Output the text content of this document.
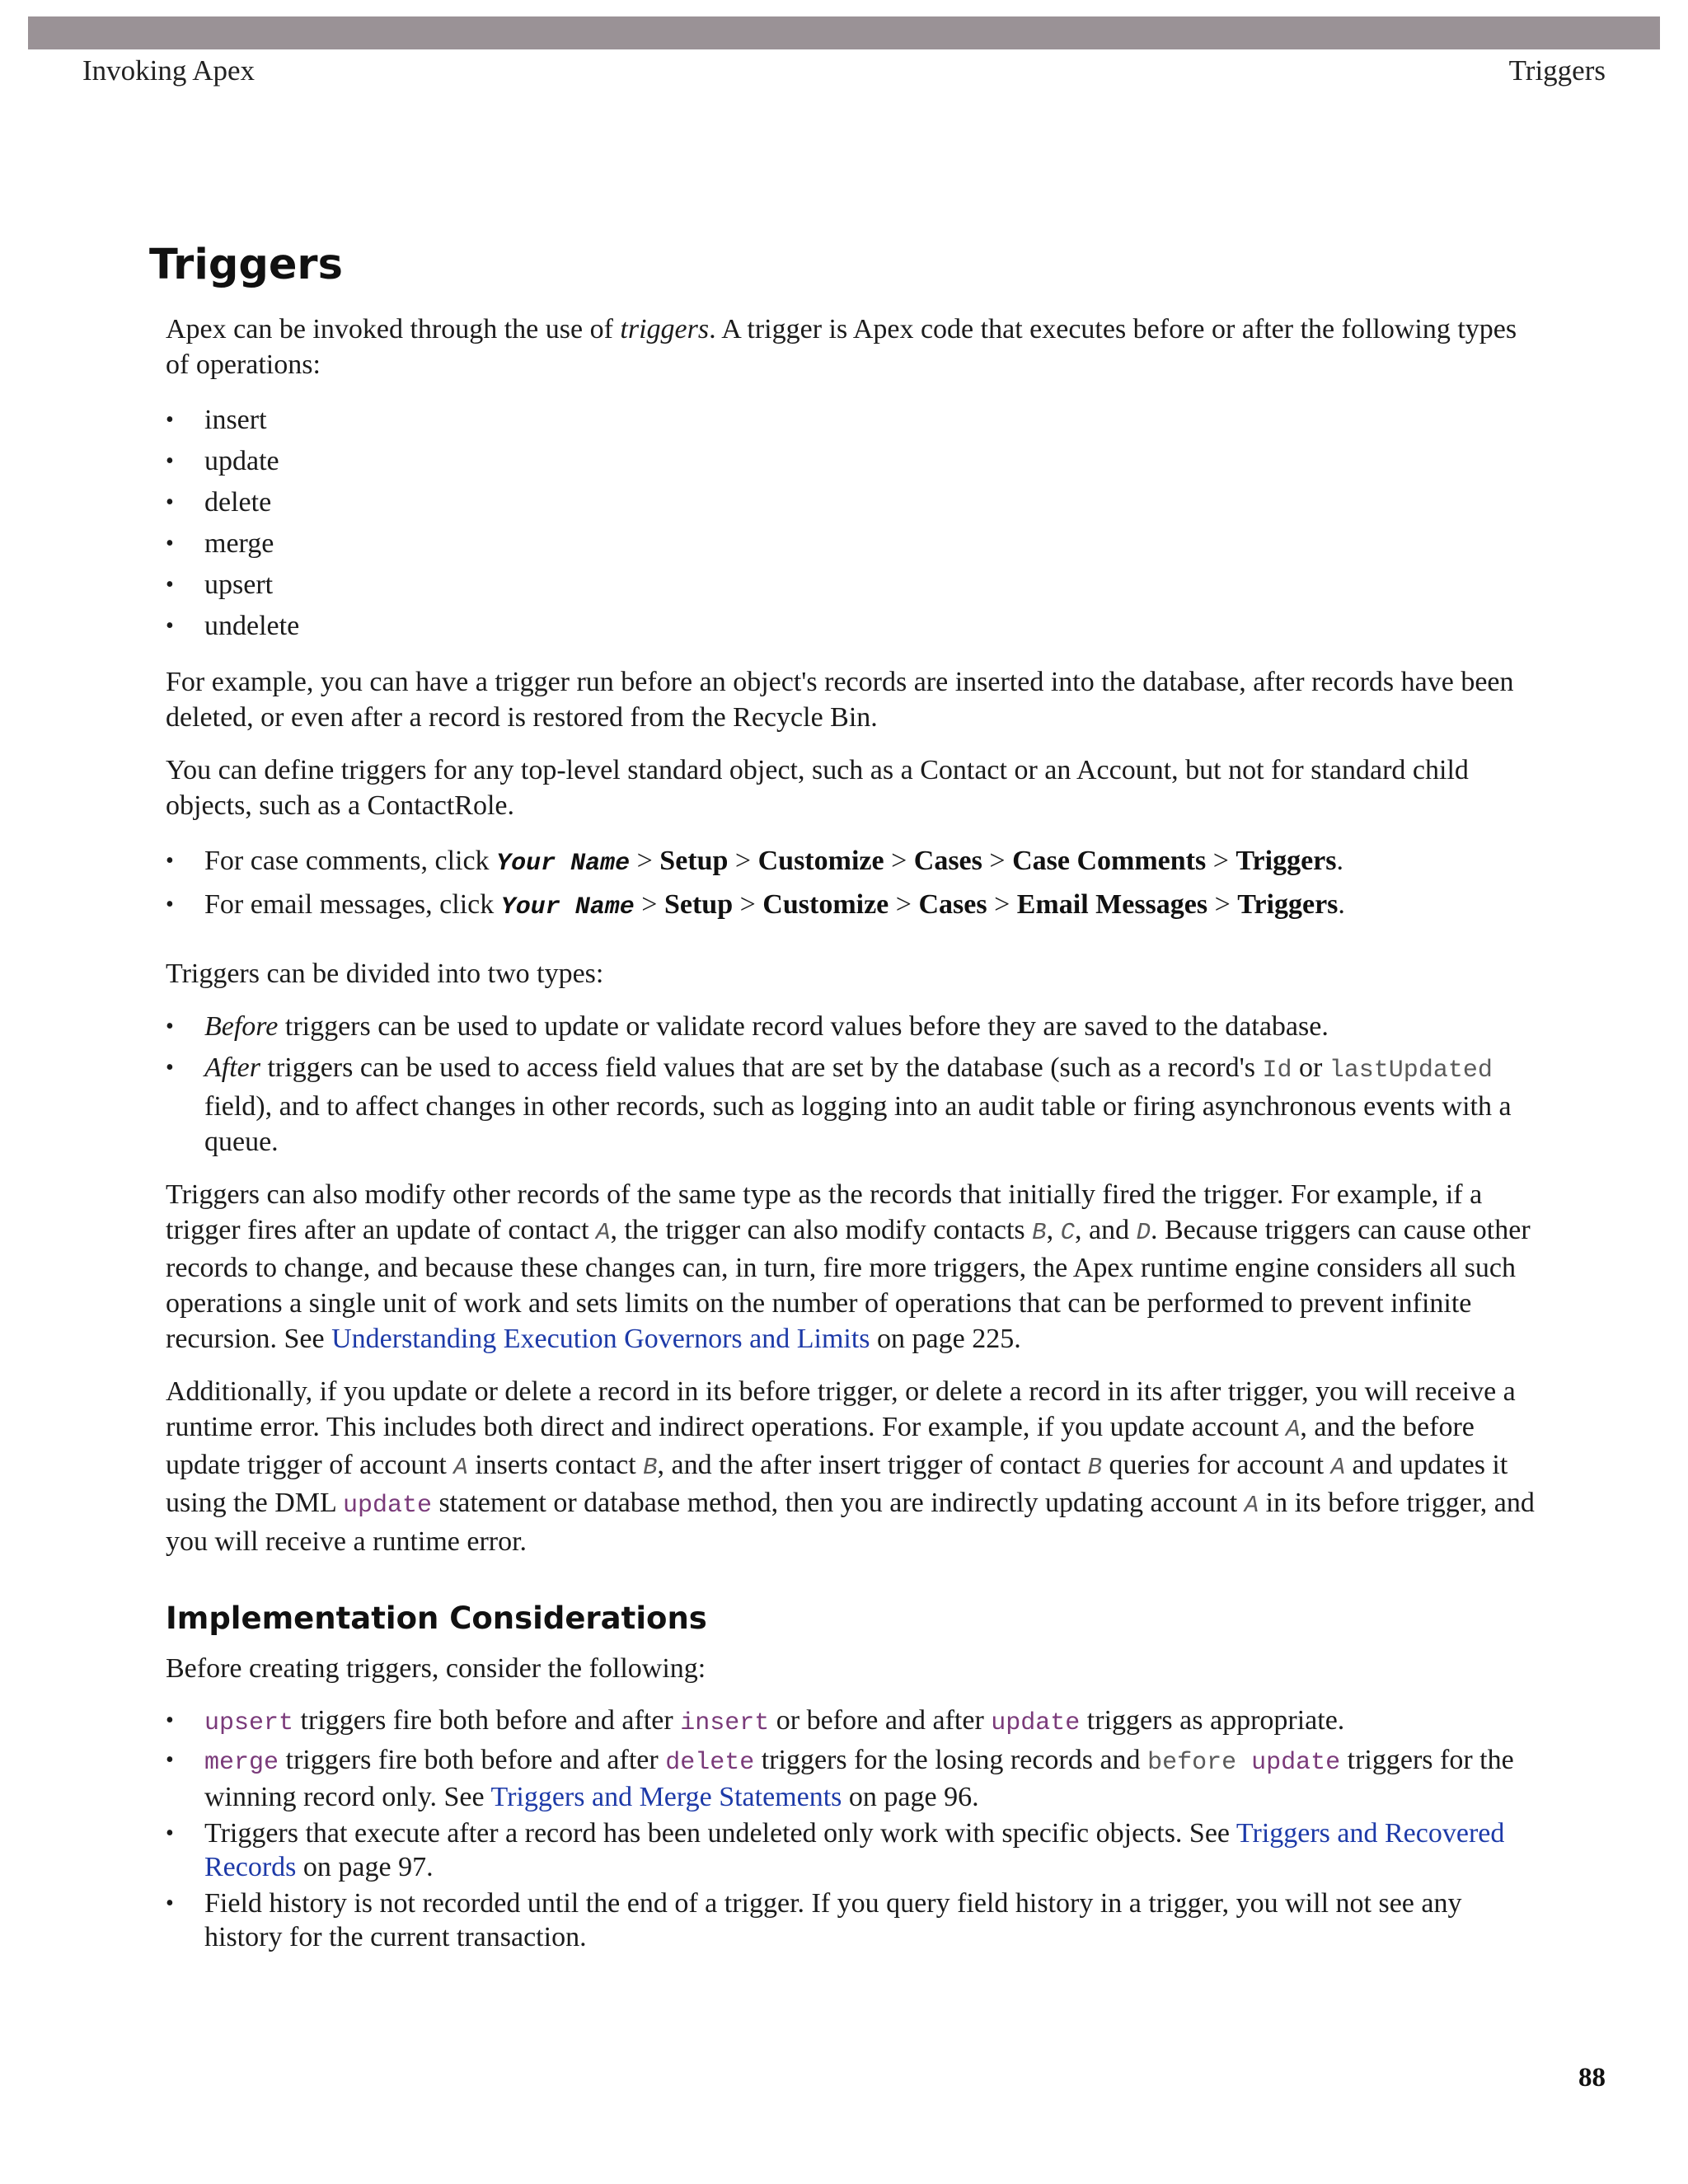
Invoking Apex	Triggers
Triggers

Apex can be invoked through the use of triggers. A trigger is Apex code that executes before or after the following types of operations:

• insert
• update
• delete
• merge
• upsert
• undelete

For example, you can have a trigger run before an object's records are inserted into the database, after records have been deleted, or even after a record is restored from the Recycle Bin.

You can define triggers for any top-level standard object, such as a Contact or an Account, but not for standard child objects, such as a ContactRole.

• For case comments, click Your Name > Setup > Customize > Cases > Case Comments > Triggers.
• For email messages, click Your Name > Setup > Customize > Cases > Email Messages > Triggers.

Triggers can be divided into two types:

• Before triggers can be used to update or validate record values before they are saved to the database.
• After triggers can be used to access field values that are set by the database (such as a record's Id or lastUpdated field), and to affect changes in other records, such as logging into an audit table or firing asynchronous events with a queue.

Triggers can also modify other records of the same type as the records that initially fired the trigger. For example, if a trigger fires after an update of contact A, the trigger can also modify contacts B, C, and D. Because triggers can cause other records to change, and because these changes can, in turn, fire more triggers, the Apex runtime engine considers all such operations a single unit of work and sets limits on the number of operations that can be performed to prevent infinite recursion. See Understanding Execution Governors and Limits on page 225.

Additionally, if you update or delete a record in its before trigger, or delete a record in its after trigger, you will receive a runtime error. This includes both direct and indirect operations. For example, if you update account A, and the before update trigger of account A inserts contact B, and the after insert trigger of contact B queries for account A and updates it using the DML update statement or database method, then you are indirectly updating account A in its before trigger, and you will receive a runtime error.

Implementation Considerations

Before creating triggers, consider the following:

• upsert triggers fire both before and after insert or before and after update triggers as appropriate.
• merge triggers fire both before and after delete triggers for the losing records and before update triggers for the winning record only. See Triggers and Merge Statements on page 96.
• Triggers that execute after a record has been undeleted only work with specific objects. See Triggers and Recovered Records on page 97.
• Field history is not recorded until the end of a trigger. If you query field history in a trigger, you will not see any history for the current transaction.
88
